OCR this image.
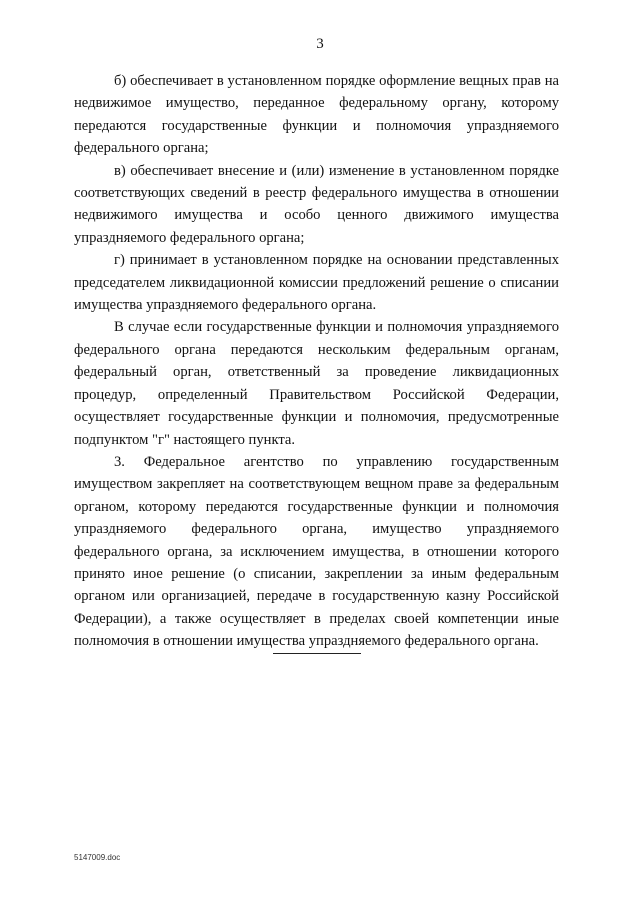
3

б) обеспечивает в установленном порядке оформление вещных прав на недвижимое имущество, переданное федеральному органу, которому передаются государственные функции и полномочия упраздняемого федерального органа;

в) обеспечивает внесение и (или) изменение в установленном порядке соответствующих сведений в реестр федерального имущества в отношении недвижимого имущества и особо ценного движимого имущества упраздняемого федерального органа;

г) принимает в установленном порядке на основании представленных председателем ликвидационной комиссии предложений решение о списании имущества упраздняемого федерального органа.

В случае если государственные функции и полномочия упраздняемого федерального органа передаются нескольким федеральным органам, федеральный орган, ответственный за проведение ликвидационных процедур, определенный Правительством Российской Федерации, осуществляет государственные функции и полномочия, предусмотренные подпунктом "г" настоящего пункта.

3. Федеральное агентство по управлению государственным имуществом закрепляет на соответствующем вещном праве за федеральным органом, которому передаются государственные функции и полномочия упраздняемого федерального органа, имущество упраздняемого федерального органа, за исключением имущества, в отношении которого принято иное решение (о списании, закреплении за иным федеральным органом или организацией, передаче в государственную казну Российской Федерации), а также осуществляет в пределах своей компетенции иные полномочия в отношении имущества упраздняемого федерального органа.

5147009.doc
